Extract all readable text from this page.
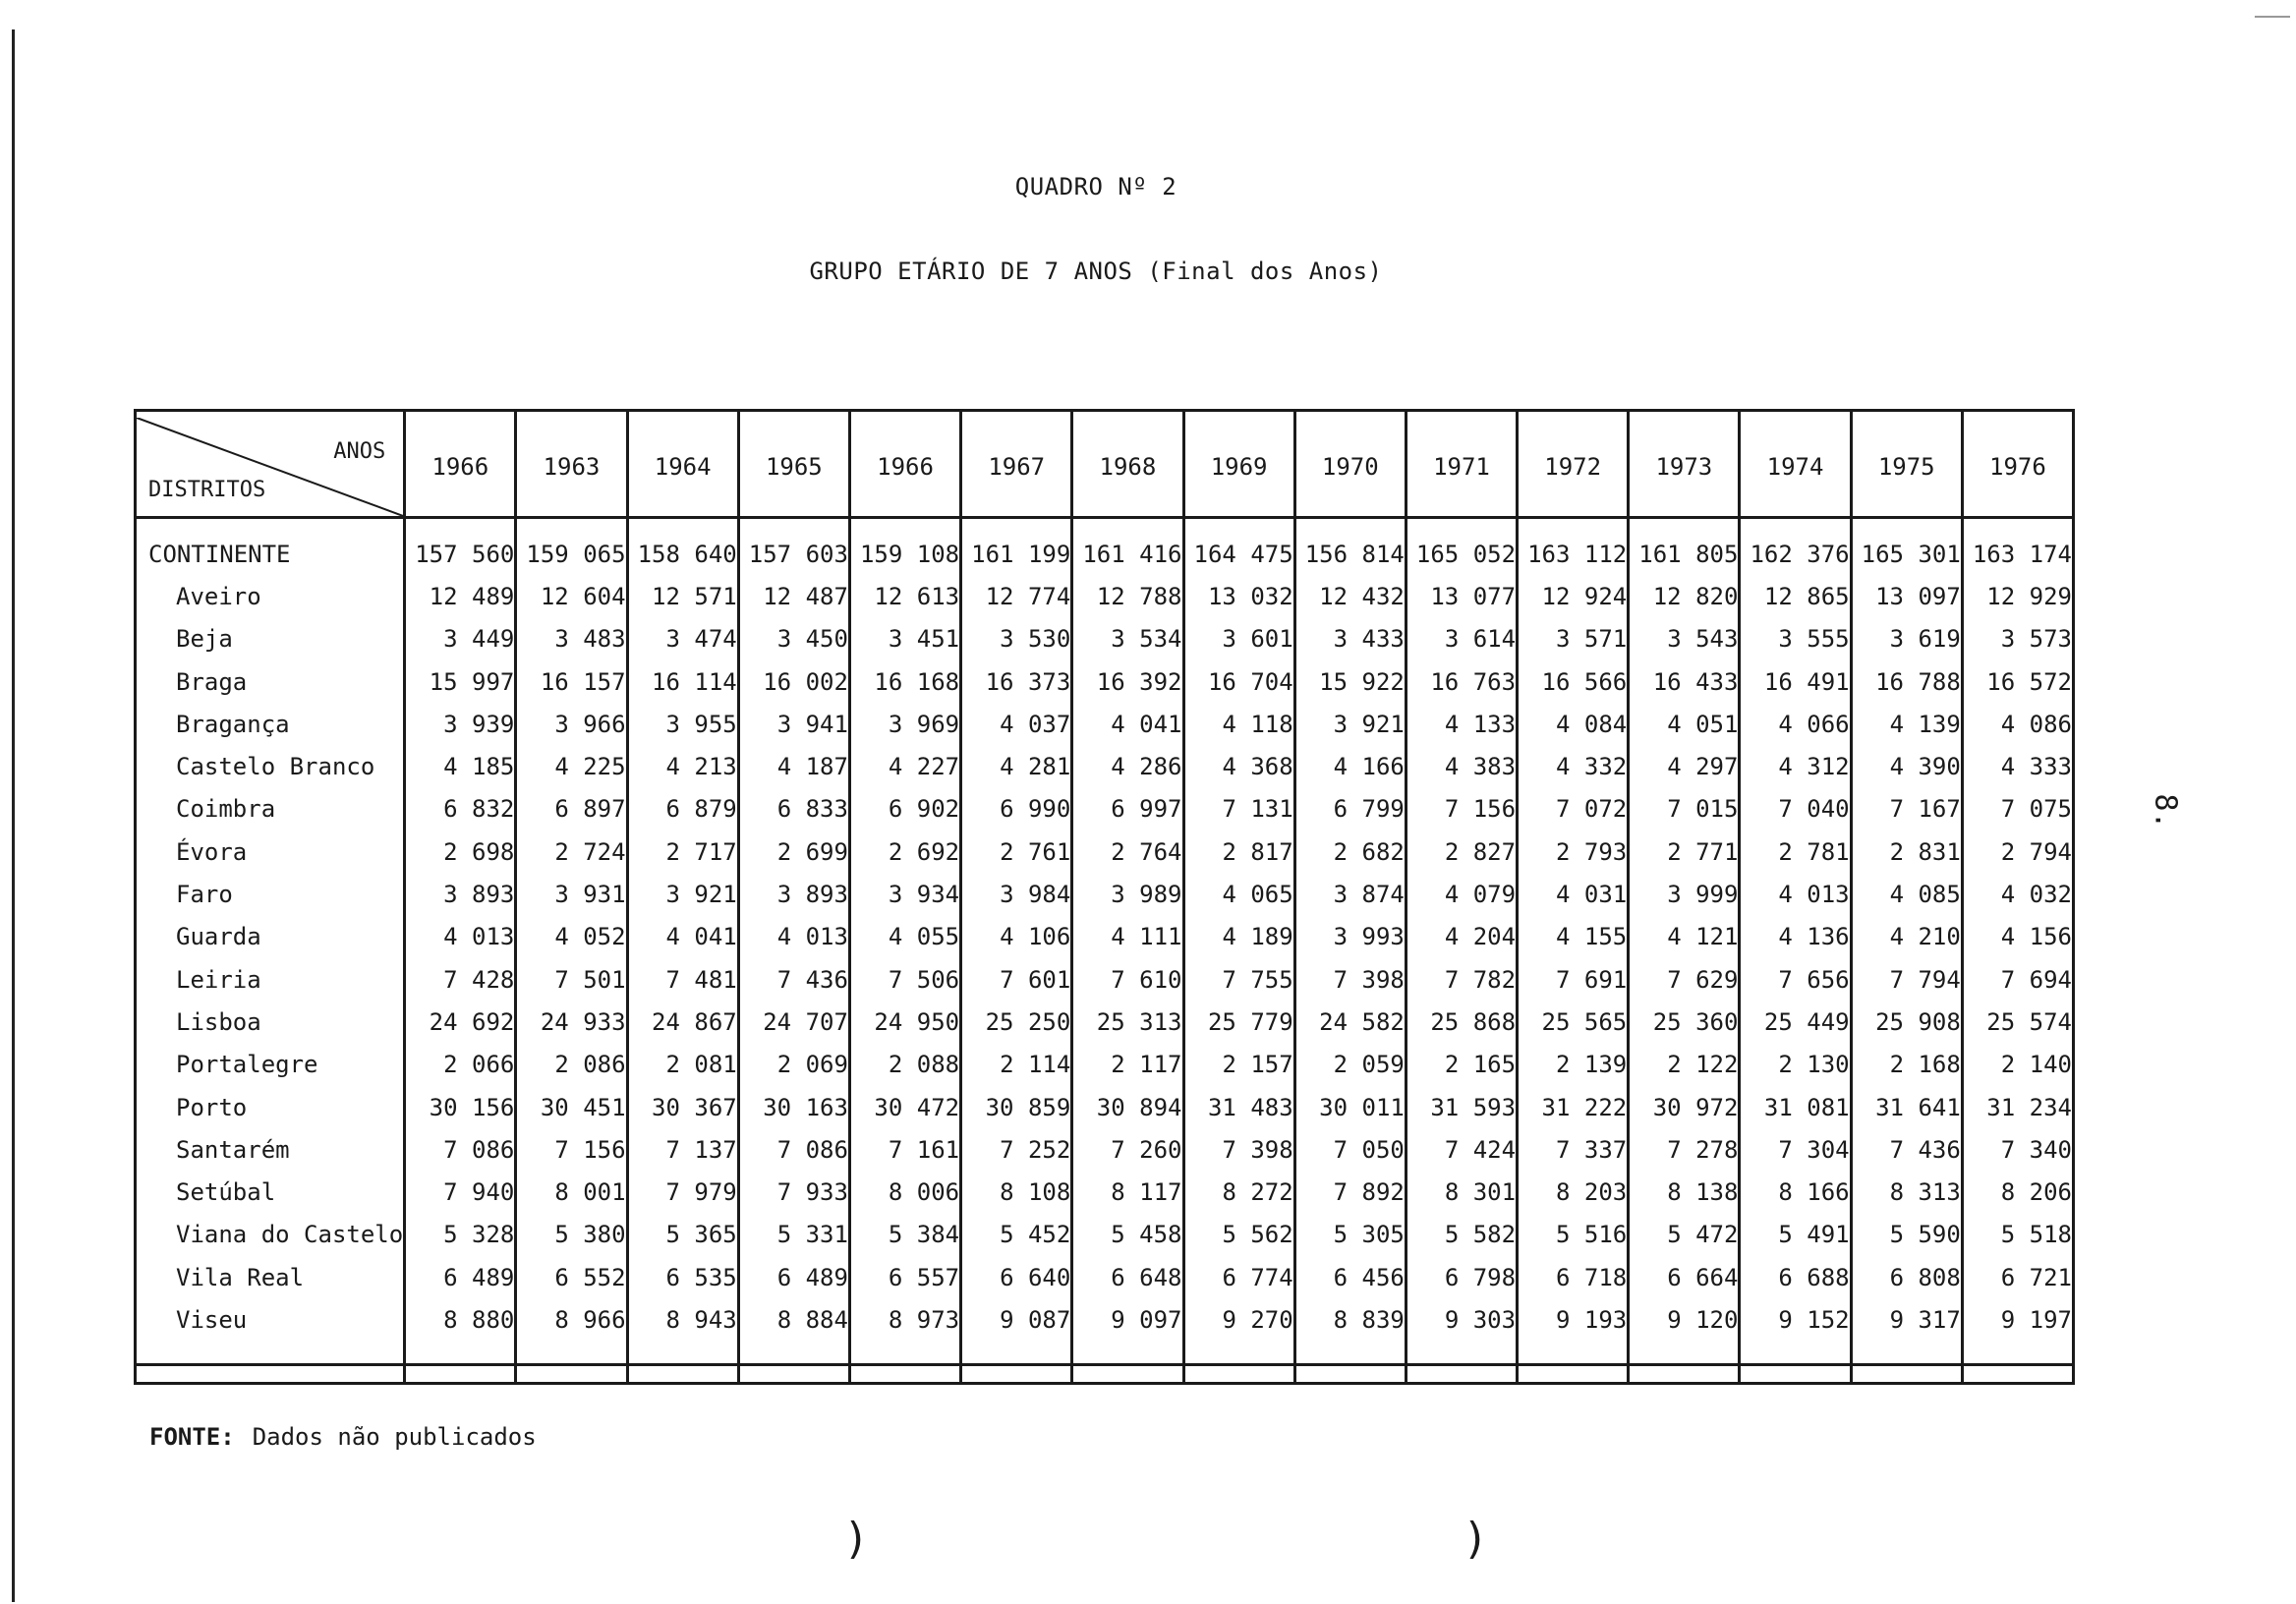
QUADRO Nº 2
GRUPO ETÁRIO DE 7 ANOS (Final dos Anos)
8.

ANOS
DISTRITOS	1966	1963	1964	1965	1966	1967	1968	1969	1970	1971	1972	1973	1974	1975	1976
CONTINENTE	157 560	159 065	158 640	157 603	159 108	161 199	161 416	164 475	156 814	165 052	163 112	161 805	162 376	165 301	163 174
Aveiro	12 489	12 604	12 571	12 487	12 613	12 774	12 788	13 032	12 432	13 077	12 924	12 820	12 865	13 097	12 929
Beja	3 449	3 483	3 474	3 450	3 451	3 530	3 534	3 601	3 433	3 614	3 571	3 543	3 555	3 619	3 573
Braga	15 997	16 157	16 114	16 002	16 168	16 373	16 392	16 704	15 922	16 763	16 566	16 433	16 491	16 788	16 572
Bragança	3 939	3 966	3 955	3 941	3 969	4 037	4 041	4 118	3 921	4 133	4 084	4 051	4 066	4 139	4 086
Castelo Branco	4 185	4 225	4 213	4 187	4 227	4 281	4 286	4 368	4 166	4 383	4 332	4 297	4 312	4 390	4 333
Coimbra	6 832	6 897	6 879	6 833	6 902	6 990	6 997	7 131	6 799	7 156	7 072	7 015	7 040	7 167	7 075
Évora	2 698	2 724	2 717	2 699	2 692	2 761	2 764	2 817	2 682	2 827	2 793	2 771	2 781	2 831	2 794
Faro	3 893	3 931	3 921	3 893	3 934	3 984	3 989	4 065	3 874	4 079	4 031	3 999	4 013	4 085	4 032
Guarda	4 013	4 052	4 041	4 013	4 055	4 106	4 111	4 189	3 993	4 204	4 155	4 121	4 136	4 210	4 156
Leiria	7 428	7 501	7 481	7 436	7 506	7 601	7 610	7 755	7 398	7 782	7 691	7 629	7 656	7 794	7 694
Lisboa	24 692	24 933	24 867	24 707	24 950	25 250	25 313	25 779	24 582	25 868	25 565	25 360	25 449	25 908	25 574
Portalegre	2 066	2 086	2 081	2 069	2 088	2 114	2 117	2 157	2 059	2 165	2 139	2 122	2 130	2 168	2 140
Porto	30 156	30 451	30 367	30 163	30 472	30 859	30 894	31 483	30 011	31 593	31 222	30 972	31 081	31 641	31 234
Santarém	7 086	7 156	7 137	7 086	7 161	7 252	7 260	7 398	7 050	7 424	7 337	7 278	7 304	7 436	7 340
Setúbal	7 940	8 001	7 979	7 933	8 006	8 108	8 117	8 272	7 892	8 301	8 203	8 138	8 166	8 313	8 206
Viana do Castelo	5 328	5 380	5 365	5 331	5 384	5 452	5 458	5 562	5 305	5 582	5 516	5 472	5 491	5 590	5 518
Vila Real	6 489	6 552	6 535	6 489	6 557	6 640	6 648	6 774	6 456	6 798	6 718	6 664	6 688	6 808	6 721
Viseu	8 880	8 966	8 943	8 884	8 973	9 087	9 097	9 270	8 839	9 303	9 193	9 120	9 152	9 317	9 197

FONTE: Dados não publicados
)	)
